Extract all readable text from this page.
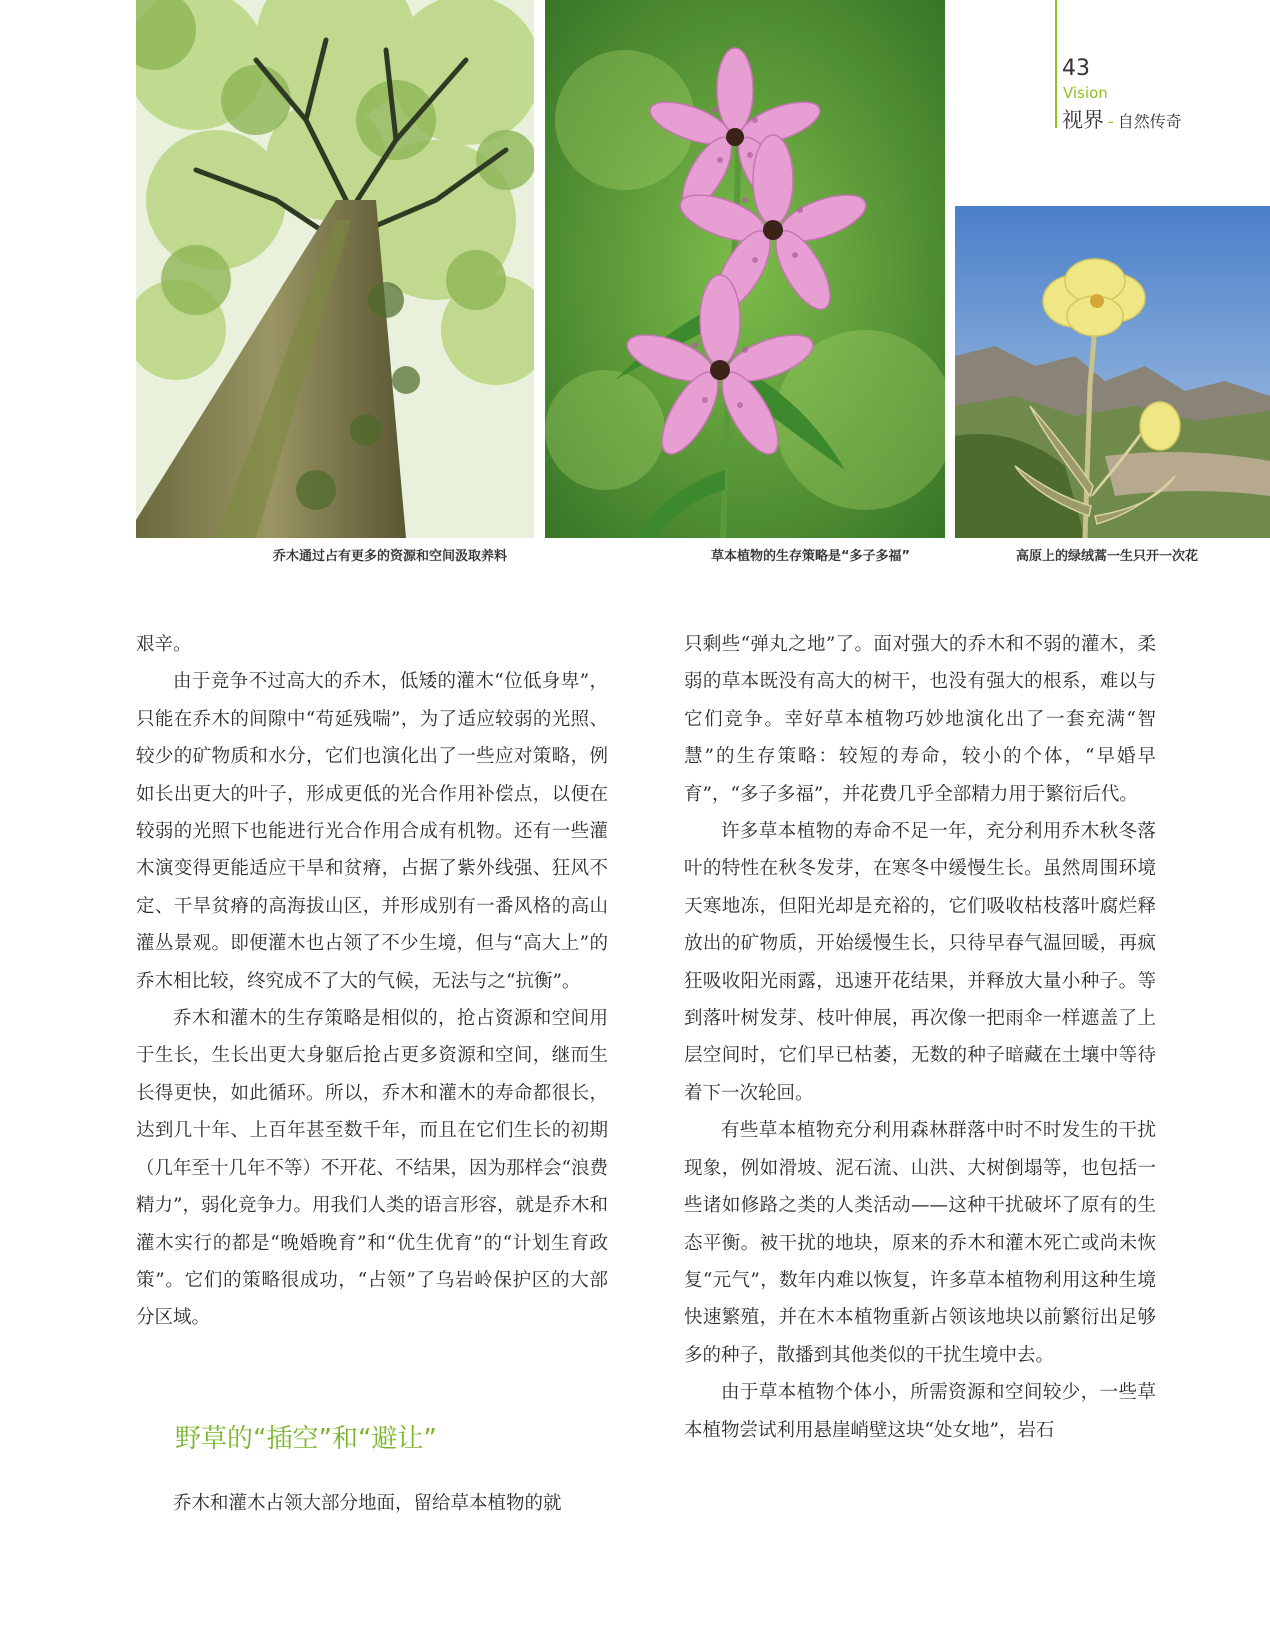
43
Vision
视界 - 自然传奇
乔木通过占有更多的资源和空间汲取养料	草本植物的生存策略是“多子多福”	高原上的绿绒蒿一生只开一次花

艰辛。

由于竞争不过高大的乔木，低矮的灌木“位低身卑”，只能在乔木的间隙中“苟延残喘”，为了适应较弱的光照、较少的矿物质和水分，它们也演化出了一些应对策略，例如长出更大的叶子，形成更低的光合作用补偿点，以便在较弱的光照下也能进行光合作用合成有机物。还有一些灌木演变得更能适应干旱和贫瘠，占据了紫外线强、狂风不定、干旱贫瘠的高海拔山区，并形成别有一番风格的高山灌丛景观。即便灌木也占领了不少生境，但与“高大上”的乔木相比较，终究成不了大的气候，无法与之“抗衡”。

乔木和灌木的生存策略是相似的，抢占资源和空间用于生长，生长出更大身躯后抢占更多资源和空间，继而生长得更快，如此循环。所以，乔木和灌木的寿命都很长，达到几十年、上百年甚至数千年，而且在它们生长的初期（几年至十几年不等）不开花、不结果，因为那样会“浪费精力”，弱化竞争力。用我们人类的语言形容，就是乔木和灌木实行的都是“晚婚晚育”和“优生优育”的“计划生育政策”。它们的策略很成功，“占领”了乌岩岭保护区的大部分区域。

野草的“插空”和“避让”

乔木和灌木占领大部分地面，留给草本植物的就

只剩些“弹丸之地”了。面对强大的乔木和不弱的灌木，柔弱的草本既没有高大的树干，也没有强大的根系，难以与它们竞争。幸好草本植物巧妙地演化出了一套充满“智慧”的生存策略：较短的寿命，较小的个体，“早婚早育”，“多子多福”，并花费几乎全部精力用于繁衍后代。

许多草本植物的寿命不足一年，充分利用乔木秋冬落叶的特性在秋冬发芽，在寒冬中缓慢生长。虽然周围环境天寒地冻，但阳光却是充裕的，它们吸收枯枝落叶腐烂释放出的矿物质，开始缓慢生长，只待早春气温回暖，再疯狂吸收阳光雨露，迅速开花结果，并释放大量小种子。等到落叶树发芽、枝叶伸展，再次像一把雨伞一样遮盖了上层空间时，它们早已枯萎，无数的种子暗藏在土壤中等待着下一次轮回。

有些草本植物充分利用森林群落中时不时发生的干扰现象，例如滑坡、泥石流、山洪、大树倒塌等，也包括一些诸如修路之类的人类活动——这种干扰破坏了原有的生态平衡。被干扰的地块，原来的乔木和灌木死亡或尚未恢复“元气”，数年内难以恢复，许多草本植物利用这种生境快速繁殖，并在木本植物重新占领该地块以前繁衍出足够多的种子，散播到其他类似的干扰生境中去。

由于草本植物个体小，所需资源和空间较少，一些草本植物尝试利用悬崖峭壁这块“处女地”，岩石
